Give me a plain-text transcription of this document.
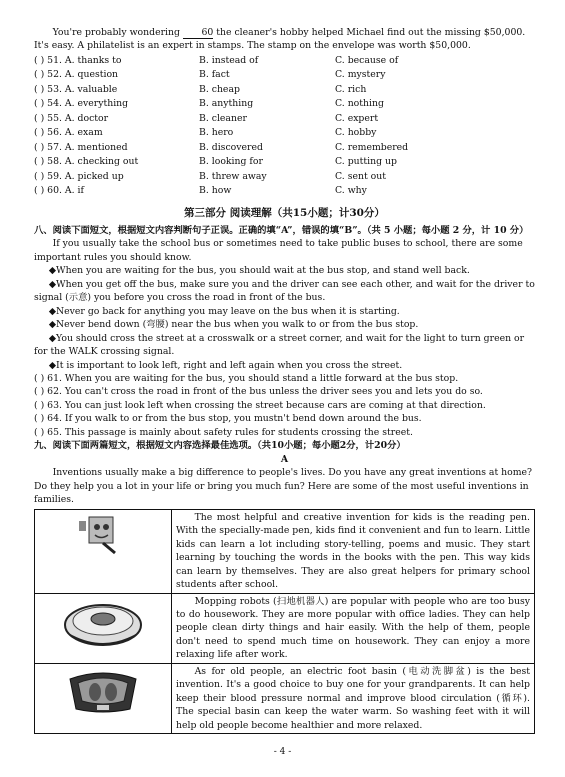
You're probably wondering 60 the cleaner's hobby helped Michael find out the missing $50,000. It's easy. A philatelist is an expert in stamps. The stamp on the envelope was worth $50,000.

( ) 51. A. thanks to	B. instead of	C. because of
( ) 52. A. question	B. fact	C. mystery
( ) 53. A. valuable	B. cheap	C. rich
( ) 54. A. everything	B. anything	C. nothing
( ) 55. A. doctor	B. cleaner	C. expert
( ) 56. A. exam	B. hero	C. hobby
( ) 57. A. mentioned	B. discovered	C. remembered
( ) 58. A. checking out	B. looking for	C. putting up
( ) 59. A. picked up	B. threw away	C. sent out
( ) 60. A. if	B. how	C. why

第三部分 阅读理解（共15小题；计30分）

八、阅读下面短文，根据短文内容判断句子正误。正确的填“A”，错误的填“B”。（共 5 小题；每小题 2 分，计 10 分）

If you usually take the school bus or sometimes need to take public buses to school, there are some important rules you should know.

◆When you are waiting for the bus, you should wait at the bus stop, and stand well back.

◆When you get off the bus, make sure you and the driver can see each other, and wait for the driver to signal (示意) you before you cross the road in front of the bus.

◆Never go back for anything you may leave on the bus when it is starting.

◆Never bend down (弯腰) near the bus when you walk to or from the bus stop.

◆You should cross the street at a crosswalk or a street corner, and wait for the light to turn green or for the WALK crossing signal.

◆It is important to look left, right and left again when you cross the street.

( ) 61. When you are waiting for the bus, you should stand a little forward at the bus stop.

( ) 62. You can't cross the road in front of the bus unless the driver sees you and lets you do so.

( ) 63. You can just look left when crossing the street because cars are coming at that direction.

( ) 64. If you walk to or from the bus stop, you mustn't bend down around the bus.

( ) 65. This passage is mainly about safety rules for students crossing the street.

九、阅读下面两篇短文，根据短文内容选择最佳选项。（共10小题；每小题2分，计20分）

A

Inventions usually make a big difference to people's lives. Do you have any great inventions at home? Do they help you a lot in your life or bring you much fun? Here are some of the most useful inventions in families.

	The most helpful and creative invention for kids is the reading pen. With the specially-made pen, kids find it convenient and fun to learn. Little kids can learn a lot including story-telling, poems and music. They start learning by touching the words in the books with the pen. This way kids can learn by themselves. They are also great helpers for primary school students after school.

	Mopping robots (扫地机器人) are popular with people who are too busy to do housework. They are more popular with office ladies. They can help people clean dirty things and hair easily. With the help of them, people don't need to spend much time on housework. They can enjoy a more relaxing life after work.

	As for old people, an electric foot basin (电动洗脚盆) is the best invention. It's a good choice to buy one for your grandparents. It can help keep their blood pressure normal and improve blood circulation (循环). The special basin can keep the water warm. So washing feet with it will help old people become healthier and more relaxed.

- 4 -
